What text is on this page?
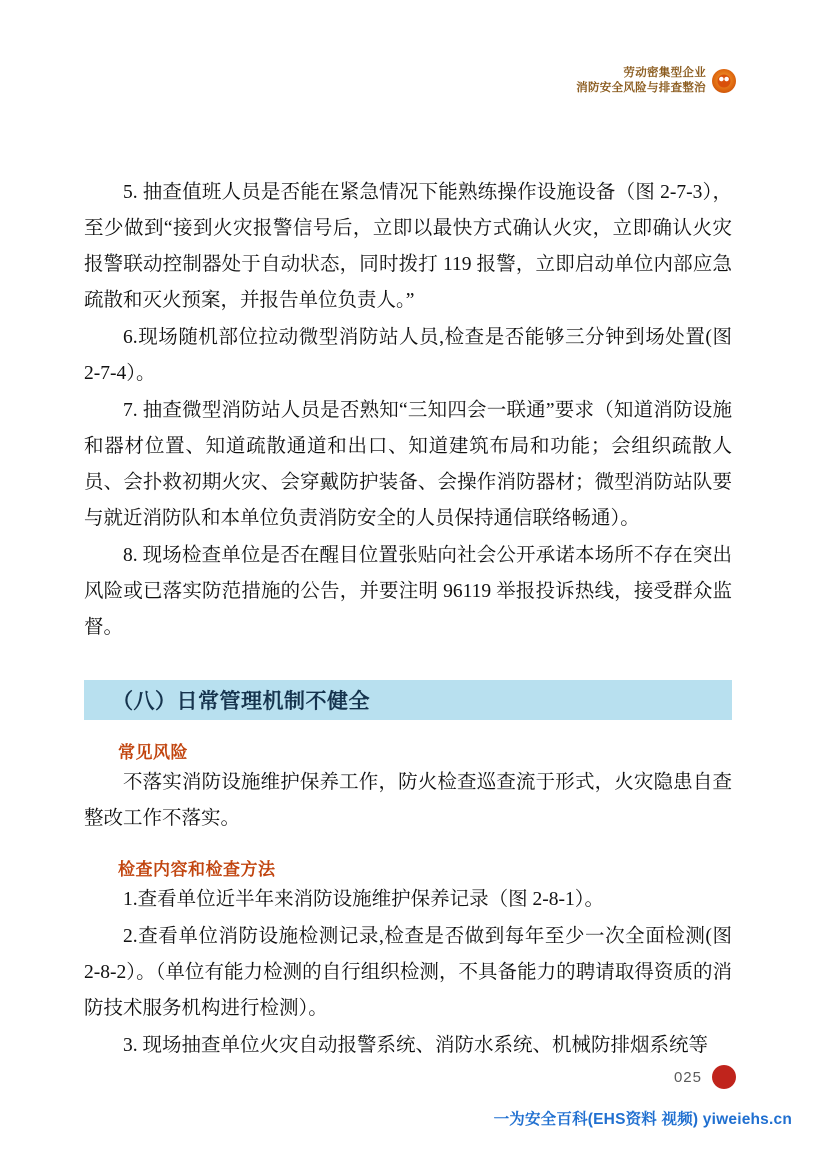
劳动密集型企业
消防安全风险与排查整治

5. 抽查值班人员是否能在紧急情况下能熟练操作设施设备（图 2-7-3），至少做到“接到火灾报警信号后，立即以最快方式确认火灾，立即确认火灾报警联动控制器处于自动状态，同时拨打 119 报警，立即启动单位内部应急疏散和灭火预案，并报告单位负责人。”

6.现场随机部位拉动微型消防站人员,检查是否能够三分钟到场处置(图 2-7-4）。

7. 抽查微型消防站人员是否熟知“三知四会一联通”要求（知道消防设施和器材位置、知道疏散通道和出口、知道建筑布局和功能；会组织疏散人员、会扑救初期火灾、会穿戴防护装备、会操作消防器材；微型消防站队要与就近消防队和本单位负责消防安全的人员保持通信联络畅通）。

8. 现场检查单位是否在醒目位置张贴向社会公开承诺本场所不存在突出风险或已落实防范措施的公告，并要注明 96119 举报投诉热线，接受群众监督。

（八）日常管理机制不健全
常见风险

不落实消防设施维护保养工作，防火检查巡查流于形式，火灾隐患自查整改工作不落实。

检查内容和检查方法

1.查看单位近半年来消防设施维护保养记录（图 2-8-1）。

2.查看单位消防设施检测记录,检查是否做到每年至少一次全面检测(图 2-8-2）。（单位有能力检测的自行组织检测，不具备能力的聘请取得资质的消防技术服务机构进行检测）。

3. 现场抽查单位火灾自动报警系统、消防水系统、机械防排烟系统等

025
一为安全百科(EHS资料 视频) yiweiehs.cn
